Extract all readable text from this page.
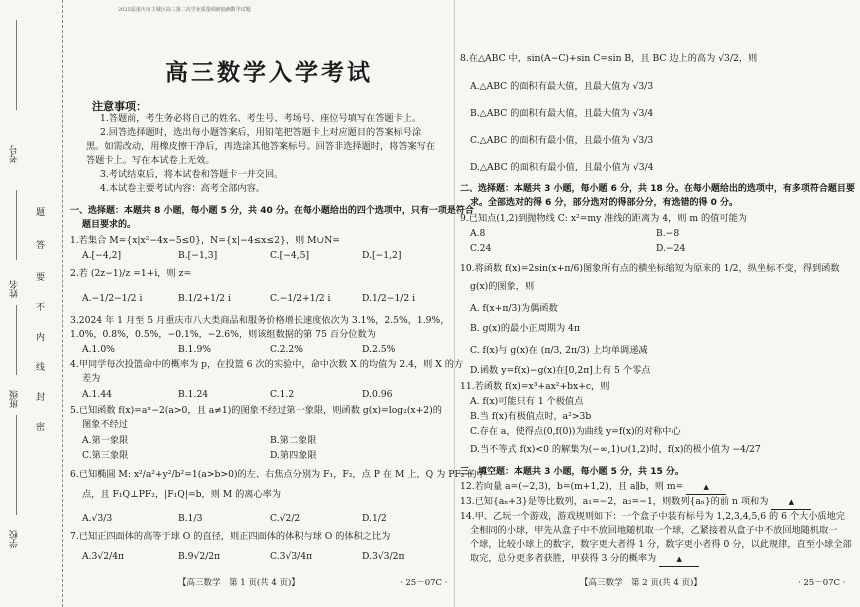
考号
姓名
班级
学校
题
答
要
不
内
线
封
密
2025届重庆市主城区高三第二次学业质量调研抽测数学试题
高三数学入学考试
注意事项：
1.答题前，考生务必将自己的姓名、考生号、考场号、座位号填写在答题卡上。
2.回答选择题时，选出每小题答案后，用铅笔把答题卡上对应题目的答案标号涂
黑。如需改动，用橡皮擦干净后，再选涂其他答案标号。回答非选择题时，将答案写在
答题卡上。写在本试卷上无效。
3.考试结束后，将本试卷和答题卡一并交回。
4.本试卷主要考试内容：高考全部内容。
一、选择题：本题共 8 小题，每小题 5 分，共 40 分。在每小题给出的四个选项中，只有一项是符合
题目要求的。
1.若集合 M={x|x²−4x−5≤0}，N={x|−4≤x≤2}，则 M∪N=
A.[−4,2]	B.[−1,3]	C.[−4,5]	D.[−1,2]
2.若 (2z−1)/z =1+i，则 z=
A.−1/2−1/2 i	B.1/2+1/2 i	C.−1/2+1/2 i	D.1/2−1/2 i
3.2024 年 1 月至 5 月重庆市八大类商品和服务价格增长速度依次为 3.1%，2.5%，1.9%，
1.0%，0.8%，0.5%，−0.1%，−2.6%，则该组数据的第 75 百分位数为
A.1.0%	B.1.9%	C.2.2%	D.2.5%
4.甲同学每次投篮命中的概率为 p，在投篮 6 次的实验中，命中次数 X 的均值为 2.4，则 X 的方
差为
A.1.44	B.1.24	C.1.2	D.0.96
5.已知函数 f(x)=aˣ−2(a>0，且 a≠1)的图象不经过第一象限，则函数 g(x)=log₂(x+2)的
图象不经过
A.第一象限	B.第二象限
C.第三象限	D.第四象限
6.已知椭圆 M: x²/a²+y²/b²=1(a>b>0)的左、右焦点分别为 F₁，F₂，点 P 在 M 上，Q 为 PF₂ 的中
点，且 F₁Q⊥PF₂，|F₁Q|=b，则 M 的离心率为
A.√3/3	B.1/3	C.√2/2	D.1/2
7.已知正四面体的高等于球 O 的直径，则正四面体的体积与球 O 的体积之比为
A.3√2/4π	B.9√2/2π	C.3√3/4π	D.3√3/2π
【高三数学　第 1 页(共 4 页)】	· 25－07C ·
8.在△ABC 中，sin(A−C)+sin C=sin B，且 BC 边上的高为 √3/2，则
A.△ABC 的面积有最大值，且最大值为 √3/3
B.△ABC 的面积有最大值，且最大值为 √3/4
C.△ABC 的面积有最小值，且最小值为 √3/3
D.△ABC 的面积有最小值，且最小值为 √3/4
二、选择题：本题共 3 小题，每小题 6 分，共 18 分。在每小题给出的选项中，有多项符合题目要
求。全部选对的得 6 分，部分选对的得部分分，有选错的得 0 分。
9.已知点(1,2)到抛物线 C: x²=my 准线的距离为 4，则 m 的值可能为
A.8	B.−8
C.24	D.−24
10.将函数 f(x)=2sin(x+π/6)图象所有点的横坐标缩短为原来的 1/2，纵坐标不变，得到函数
g(x)的图象，则
A. f(x+π/3)为偶函数
B. g(x)的最小正周期为 4π
C. f(x)与 g(x)在 (π/3, 2π/3) 上均单调递减
D.函数 y=f(x)−g(x)在[0,2π]上有 5 个零点
11.若函数 f(x)=x³+ax²+bx+c，则
A. f(x)可能只有 1 个极值点
B.当 f(x)有极值点时，a²>3b
C.存在 a，使得点(0,f(0))为曲线 y=f(x)的对称中心
D.当不等式 f(x)<0 的解集为(−∞,1)∪(1,2)时，f(x)的极小值为 −4/27
三、填空题：本题共 3 小题，每小题 5 分，共 15 分。
12.若向量 a=(−2,3)，b=(m+1,2)，且 a∥b，则 m=	▲
13.已知{aₙ+3}是等比数列，a₁=−2，a₂=−1，则数列{aₙ}的前 n 项和为	▲
14.甲、乙玩一个游戏，游戏规则如下：一个盒子中装有标号为 1,2,3,4,5,6 的 6 个大小质地完
全相同的小球，甲先从盒子中不放回地随机取一个球，乙紧接着从盒子中不放回地随机取一
个球，比较小球上的数字，数字更大者得 1 分，数字更小者得 0 分，以此规律，直至小球全部
取完，总分更多者获胜，甲获得 3 分的概率为	▲
【高三数学　第 2 页(共 4 页)】	· 25－07C ·
